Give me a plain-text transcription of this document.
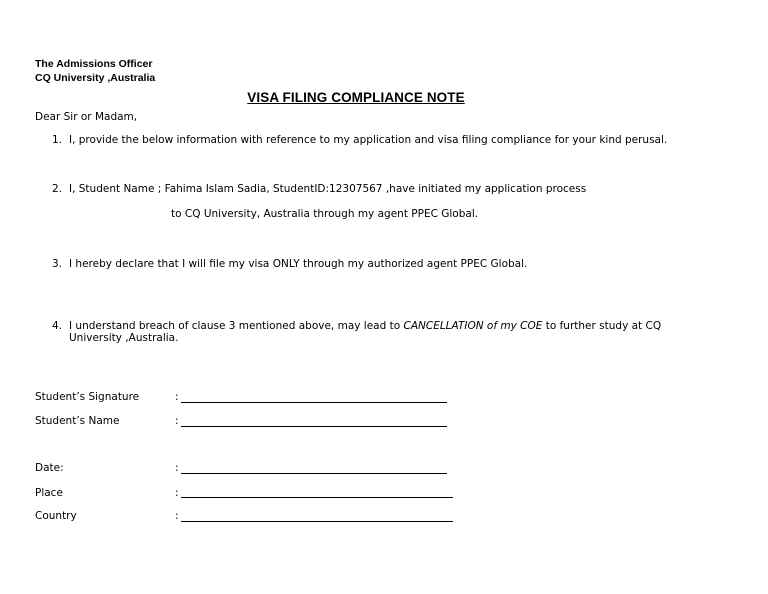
The Admissions Officer
CQ University ,Australia
VISA FILING COMPLIANCE NOTE
Dear Sir or Madam,
1. I, provide the below information with reference to my application and visa filing compliance for your kind perusal.
2. I, Student Name ; Fahima Islam Sadia, StudentID:12307567 ,have initiated my application process
to CQ University, Australia through my agent PPEC Global.
3. I hereby declare that I will file my visa ONLY through my authorized agent PPEC Global.
4. I understand breach of clause 3 mentioned above, may lead to CANCELLATION of my COE to further study at CQ
University ,Australia.
Student’s Signature	:
Student’s Name	:
Date:	:
Place	:
Country	:
